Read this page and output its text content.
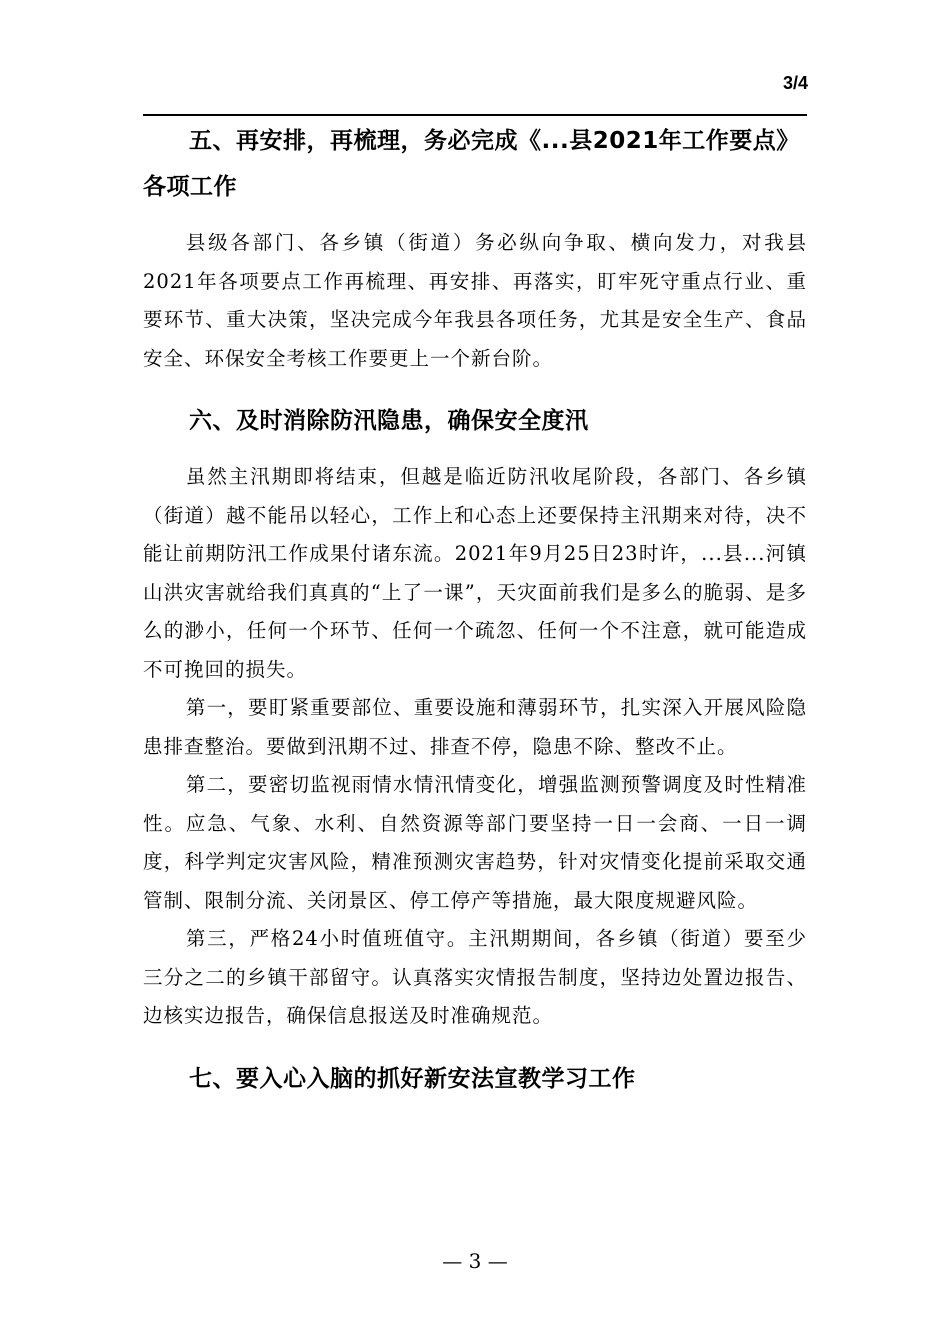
3/4
五、再安排，再梳理，务必完成《...县2021年工作要点》各项工作

县级各部门、各乡镇（街道）务必纵向争取、横向发力，对我县2021年各项要点工作再梳理、再安排、再落实，盯牢死守重点行业、重要环节、重大决策，坚决完成今年我县各项任务，尤其是安全生产、食品安全、环保安全考核工作要更上一个新台阶。

六、及时消除防汛隐患，确保安全度汛

虽然主汛期即将结束，但越是临近防汛收尾阶段，各部门、各乡镇（街道）越不能吊以轻心，工作上和心态上还要保持主汛期来对待，决不能让前期防汛工作成果付诸东流。2021年9月25日23时许，...县...河镇山洪灾害就给我们真真的“上了一课”，天灾面前我们是多么的脆弱、是多么的渺小，任何一个环节、任何一个疏忽、任何一个不注意，就可能造成不可挽回的损失。

第一，要盯紧重要部位、重要设施和薄弱环节，扎实深入开展风险隐患排查整治。要做到汛期不过、排查不停，隐患不除、整改不止。

第二，要密切监视雨情水情汛情变化，增强监测预警调度及时性精准性。应急、气象、水利、自然资源等部门要坚持一日一会商、一日一调度，科学判定灾害风险，精准预测灾害趋势，针对灾情变化提前采取交通管制、限制分流、关闭景区、停工停产等措施，最大限度规避风险。

第三，严格24小时值班值守。主汛期期间，各乡镇（街道）要至少三分之二的乡镇干部留守。认真落实灾情报告制度，坚持边处置边报告、边核实边报告，确保信息报送及时准确规范。

七、要入心入脑的抓好新安法宣教学习工作
— 3 —
